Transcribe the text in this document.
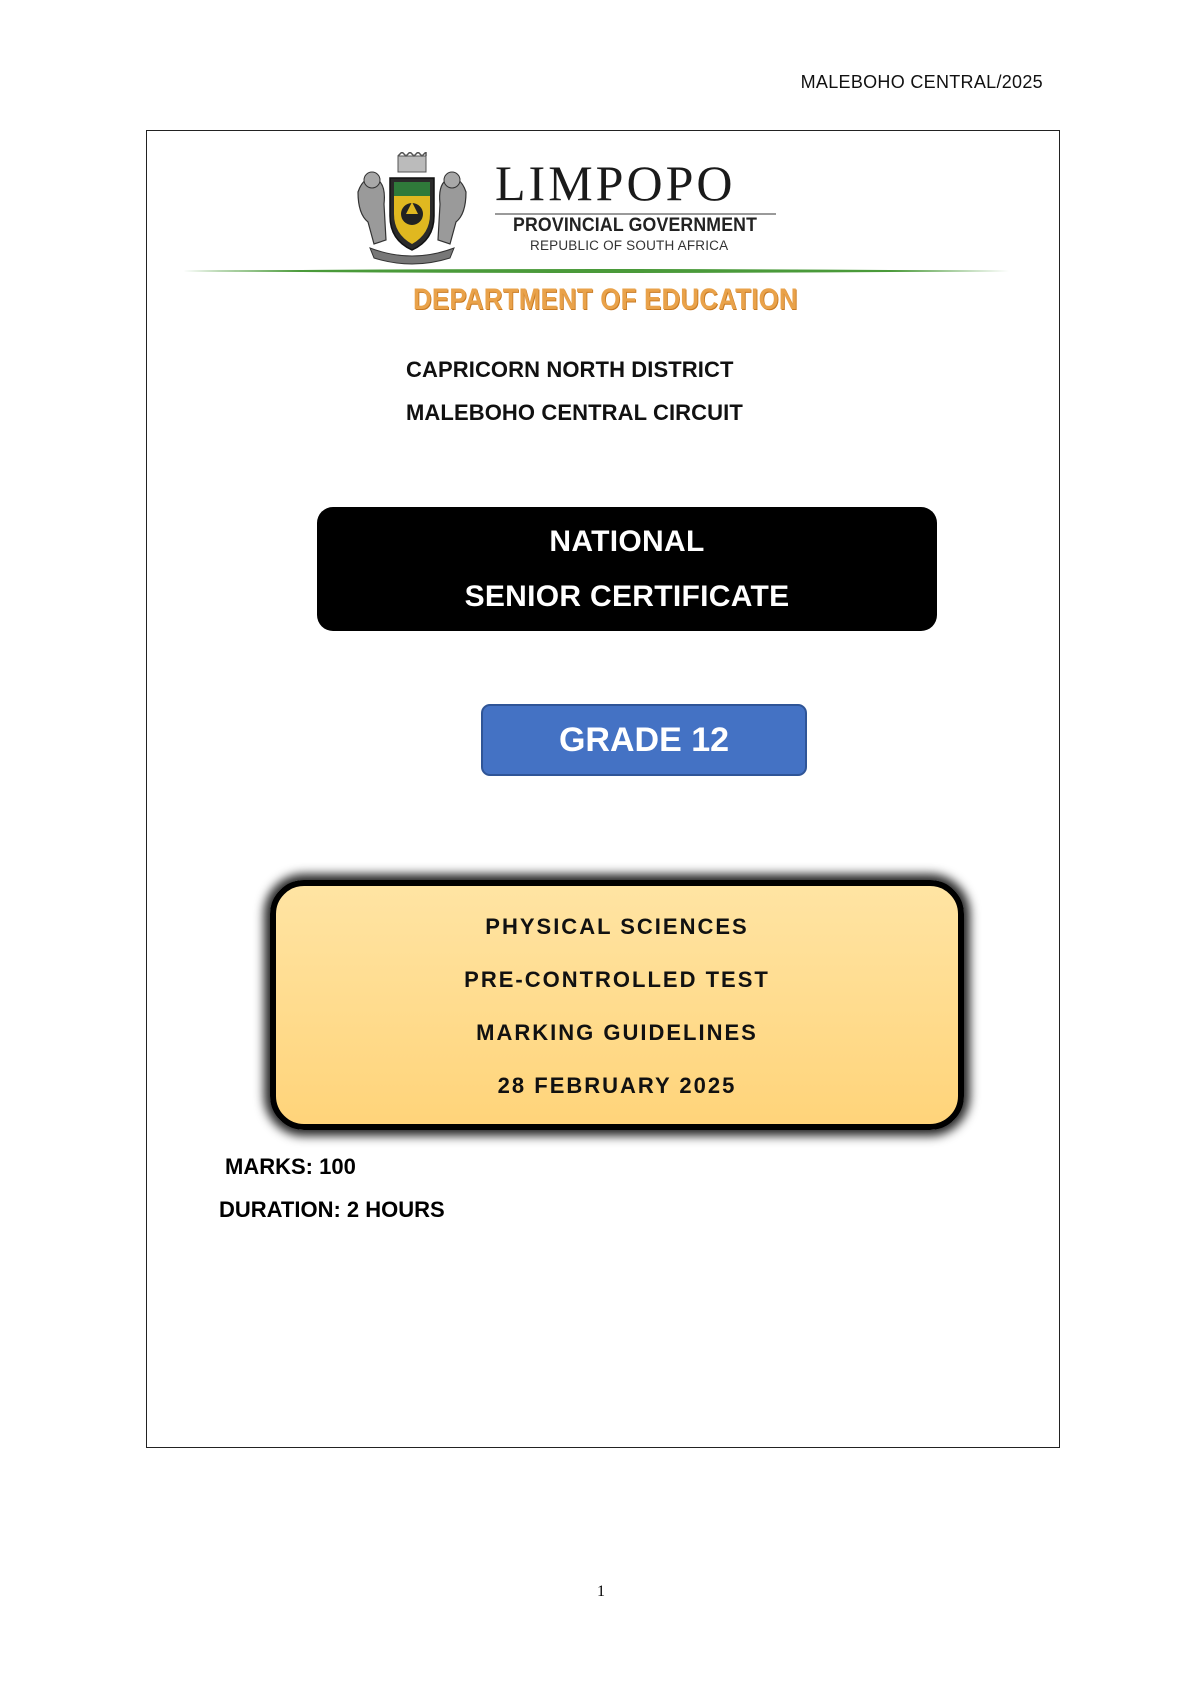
MALEBOHO CENTRAL/2025
LIMPOPO
PROVINCIAL GOVERNMENT
REPUBLIC OF SOUTH AFRICA
DEPARTMENT OF EDUCATION
CAPRICORN NORTH DISTRICT
MALEBOHO CENTRAL CIRCUIT
NATIONAL
SENIOR CERTIFICATE
GRADE 12
PHYSICAL SCIENCES
PRE-CONTROLLED TEST
MARKING GUIDELINES
28 FEBRUARY 2025
MARKS: 100
DURATION: 2 HOURS
1
